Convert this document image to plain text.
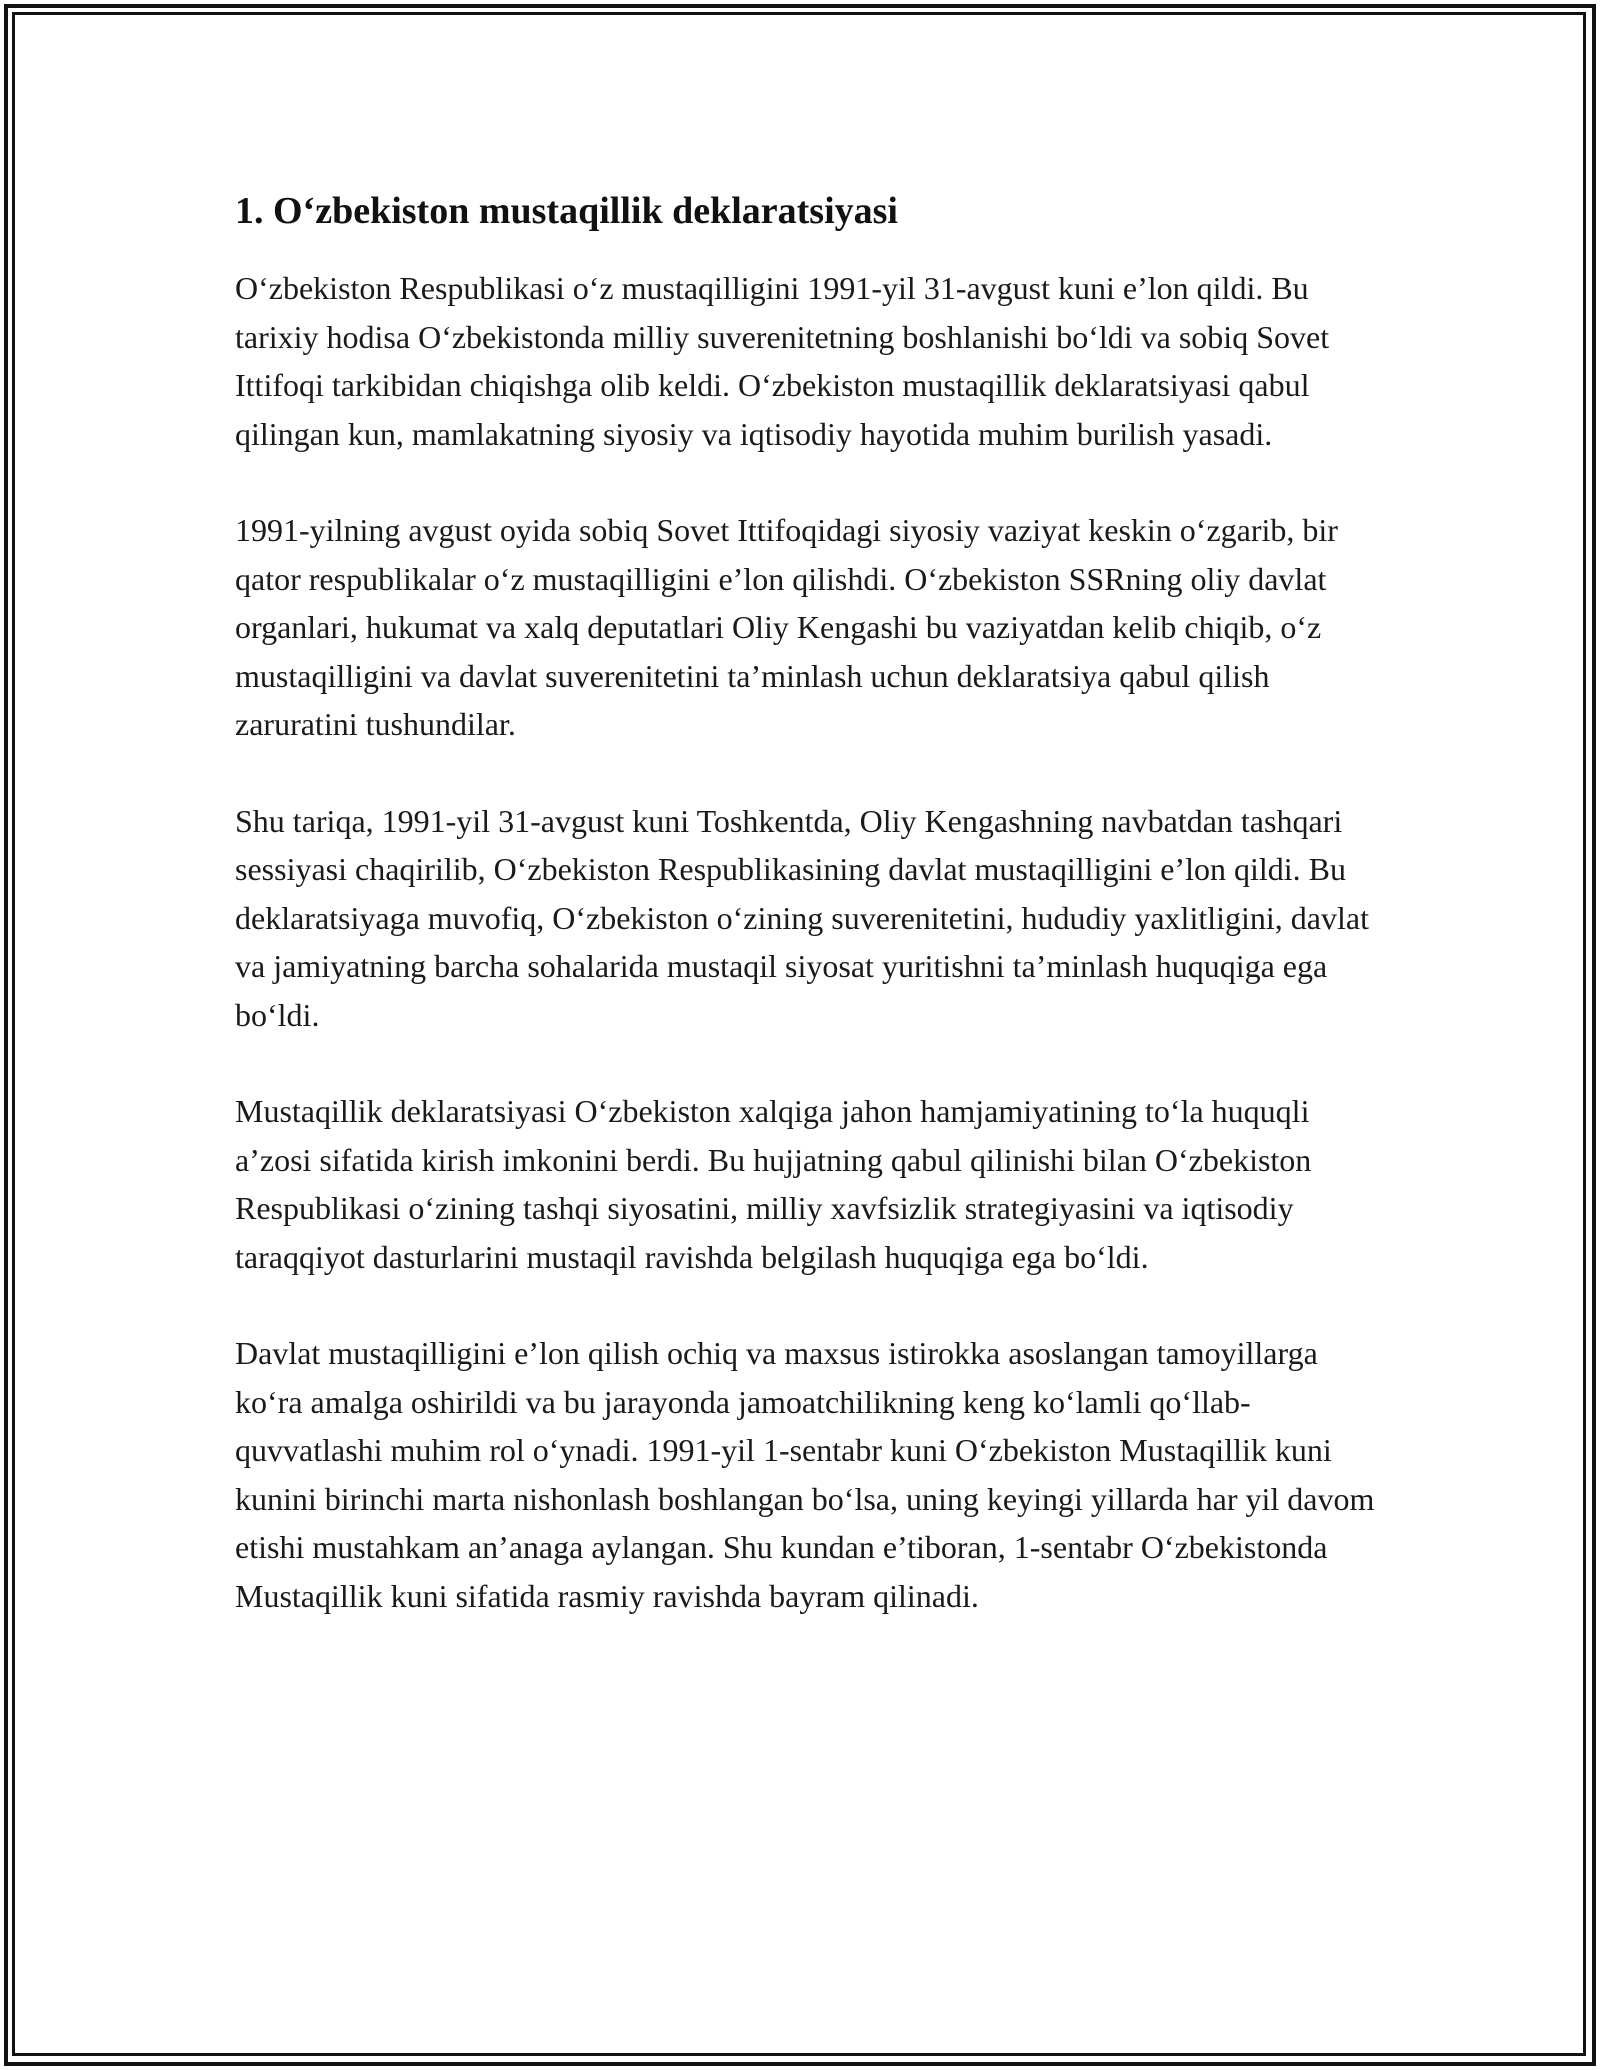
1. Oʻzbekiston mustaqillik deklaratsiyasi

Oʻzbekiston Respublikasi oʻz mustaqilligini 1991-yil 31-avgust kuni e’lon qildi. Bu tarixiy hodisa Oʻzbekistonda milliy suverenitetning boshlanishi boʻldi va sobiq Sovet Ittifoqi tarkibidan chiqishga olib keldi. Oʻzbekiston mustaqillik deklaratsiyasi qabul qilingan kun, mamlakatning siyosiy va iqtisodiy hayotida muhim burilish yasadi.

1991-yilning avgust oyida sobiq Sovet Ittifoqidagi siyosiy vaziyat keskin oʻzgarib, bir qator respublikalar oʻz mustaqilligini e’lon qilishdi. Oʻzbekiston SSRning oliy davlat organlari, hukumat va xalq deputatlari Oliy Kengashi bu vaziyatdan kelib chiqib, oʻz mustaqilligini va davlat suverenitetini ta’minlash uchun deklaratsiya qabul qilish zaruratini tushundilar.

Shu tariqa, 1991-yil 31-avgust kuni Toshkentda, Oliy Kengashning navbatdan tashqari sessiyasi chaqirilib, Oʻzbekiston Respublikasining davlat mustaqilligini e’lon qildi. Bu deklaratsiyaga muvofiq, Oʻzbekiston oʻzining suverenitetini, hududiy yaxlitligini, davlat va jamiyatning barcha sohalarida mustaqil siyosat yuritishni ta’minlash huquqiga ega boʻldi.

Mustaqillik deklaratsiyasi Oʻzbekiston xalqiga jahon hamjamiyatining toʻla huquqli a’zosi sifatida kirish imkonini berdi. Bu hujjatning qabul qilinishi bilan Oʻzbekiston Respublikasi oʻzining tashqi siyosatini, milliy xavfsizlik strategiyasini va iqtisodiy taraqqiyot dasturlarini mustaqil ravishda belgilash huquqiga ega boʻldi.

Davlat mustaqilligini e’lon qilish ochiq va maxsus istirokka asoslangan tamoyillarga koʻra amalga oshirildi va bu jarayonda jamoatchilikning keng koʻlamli qoʻllab-quvvatlashi muhim rol oʻynadi. 1991-yil 1-sentabr kuni Oʻzbekiston Mustaqillik kuni kunini birinchi marta nishonlash boshlangan boʻlsa, uning keyingi yillarda har yil davom etishi mustahkam an’anaga aylangan. Shu kundan e’tiboran, 1-sentabr Oʻzbekistonda Mustaqillik kuni sifatida rasmiy ravishda bayram qilinadi.
